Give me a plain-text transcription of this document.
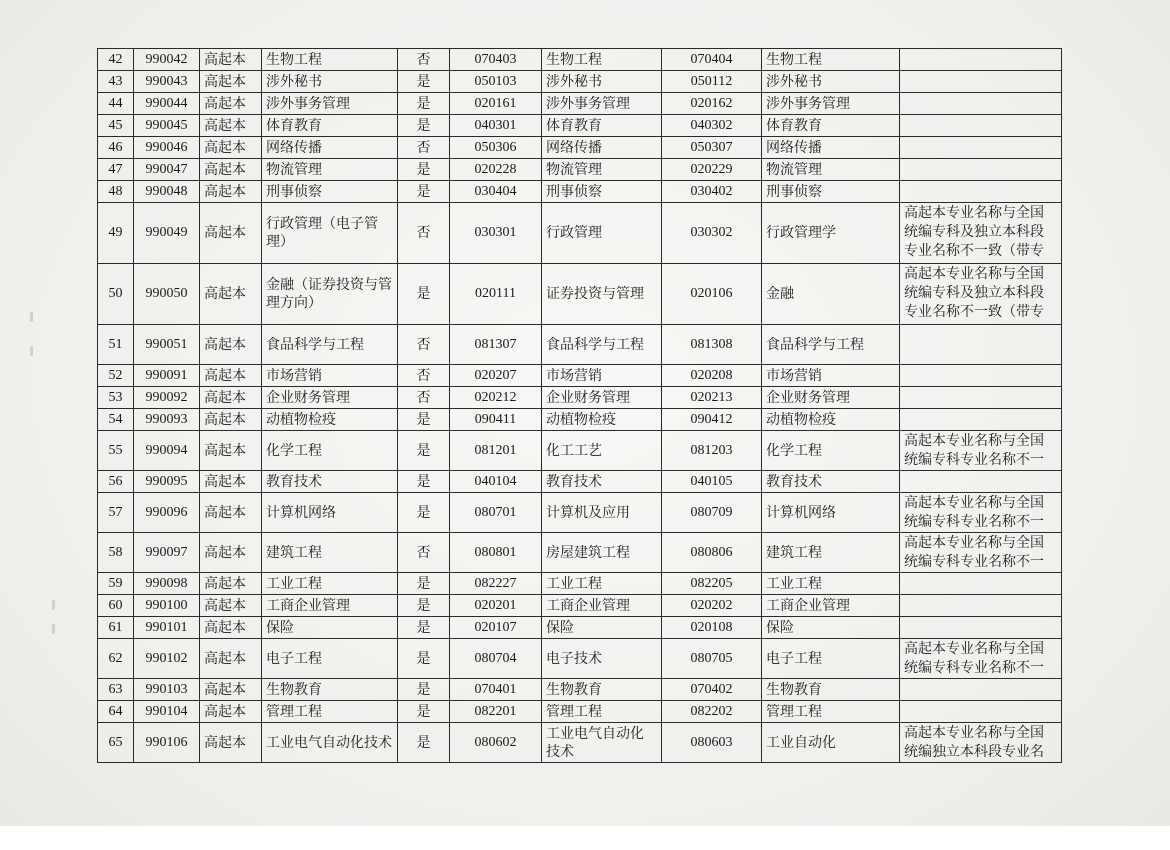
42	990042	高起本	生物工程	否	070403	生物工程	070404	生物工程	
43	990043	高起本	涉外秘书	是	050103	涉外秘书	050112	涉外秘书	
44	990044	高起本	涉外事务管理	是	020161	涉外事务管理	020162	涉外事务管理	
45	990045	高起本	体育教育	是	040301	体育教育	040302	体育教育	
46	990046	高起本	网络传播	否	050306	网络传播	050307	网络传播	
47	990047	高起本	物流管理	是	020228	物流管理	020229	物流管理	
48	990048	高起本	刑事侦察	是	030404	刑事侦察	030402	刑事侦察	
49	990049	高起本	行政管理（电子管理）	否	030301	行政管理	030302	行政管理学	高起本专业名称与全国统编专科及独立本科段专业名称不一致（带专
50	990050	高起本	金融（证券投资与管理方向）	是	020111	证券投资与管理	020106	金融	高起本专业名称与全国统编专科及独立本科段专业名称不一致（带专
51	990051	高起本	食品科学与工程	否	081307	食品科学与工程	081308	食品科学与工程	
52	990091	高起本	市场营销	否	020207	市场营销	020208	市场营销	
53	990092	高起本	企业财务管理	否	020212	企业财务管理	020213	企业财务管理	
54	990093	高起本	动植物检疫	是	090411	动植物检疫	090412	动植物检疫	
55	990094	高起本	化学工程	是	081201	化工工艺	081203	化学工程	高起本专业名称与全国统编专科专业名称不一
56	990095	高起本	教育技术	是	040104	教育技术	040105	教育技术	
57	990096	高起本	计算机网络	是	080701	计算机及应用	080709	计算机网络	高起本专业名称与全国统编专科专业名称不一
58	990097	高起本	建筑工程	否	080801	房屋建筑工程	080806	建筑工程	高起本专业名称与全国统编专科专业名称不一
59	990098	高起本	工业工程	是	082227	工业工程	082205	工业工程	
60	990100	高起本	工商企业管理	是	020201	工商企业管理	020202	工商企业管理	
61	990101	高起本	保险	是	020107	保险	020108	保险	
62	990102	高起本	电子工程	是	080704	电子技术	080705	电子工程	高起本专业名称与全国统编专科专业名称不一
63	990103	高起本	生物教育	是	070401	生物教育	070402	生物教育	
64	990104	高起本	管理工程	是	082201	管理工程	082202	管理工程	
65	990106	高起本	工业电气自动化技术	是	080602	工业电气自动化技术	080603	工业自动化	高起本专业名称与全国统编独立本科段专业名
